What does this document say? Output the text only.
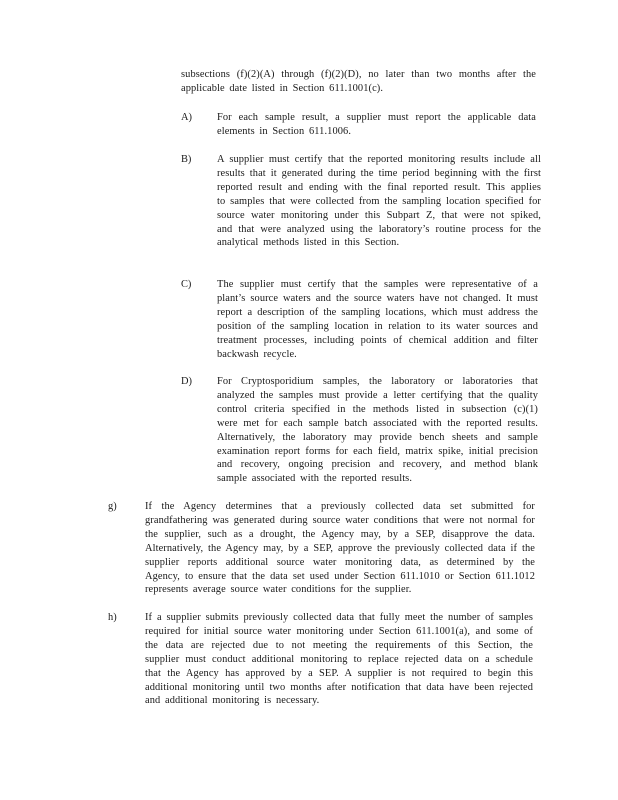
subsections (f)(2)(A) through (f)(2)(D), no later than two months after the applicable date listed in Section 611.1001(c).
A) For each sample result, a supplier must report the applicable data elements in Section 611.1006.
B) A supplier must certify that the reported monitoring results include all results that it generated during the time period beginning with the first reported result and ending with the final reported result. This applies to samples that were collected from the sampling location specified for source water monitoring under this Subpart Z, that were not spiked, and that were analyzed using the laboratory’s routine process for the analytical methods listed in this Section.
C) The supplier must certify that the samples were representative of a plant’s source waters and the source waters have not changed. It must report a description of the sampling locations, which must address the position of the sampling location in relation to its water sources and treatment processes, including points of chemical addition and filter backwash recycle.
D) For Cryptosporidium samples, the laboratory or laboratories that analyzed the samples must provide a letter certifying that the quality control criteria specified in the methods listed in subsection (c)(1) were met for each sample batch associated with the reported results. Alternatively, the laboratory may provide bench sheets and sample examination report forms for each field, matrix spike, initial precision and recovery, ongoing precision and recovery, and method blank sample associated with the reported results.
g)	If the Agency determines that a previously collected data set submitted for grandfathering was generated during source water conditions that were not normal for the supplier, such as a drought, the Agency may, by a SEP, disapprove the data. Alternatively, the Agency may, by a SEP, approve the previously collected data if the supplier reports additional source water monitoring data, as determined by the Agency, to ensure that the data set used under Section 611.1010 or Section 611.1012 represents average source water conditions for the supplier.
h)	If a supplier submits previously collected data that fully meet the number of samples required for initial source water monitoring under Section 611.1001(a), and some of the data are rejected due to not meeting the requirements of this Section, the supplier must conduct additional monitoring to replace rejected data on a schedule that the Agency has approved by a SEP. A supplier is not required to begin this additional monitoring until two months after notification that data have been rejected and additional monitoring is necessary.
